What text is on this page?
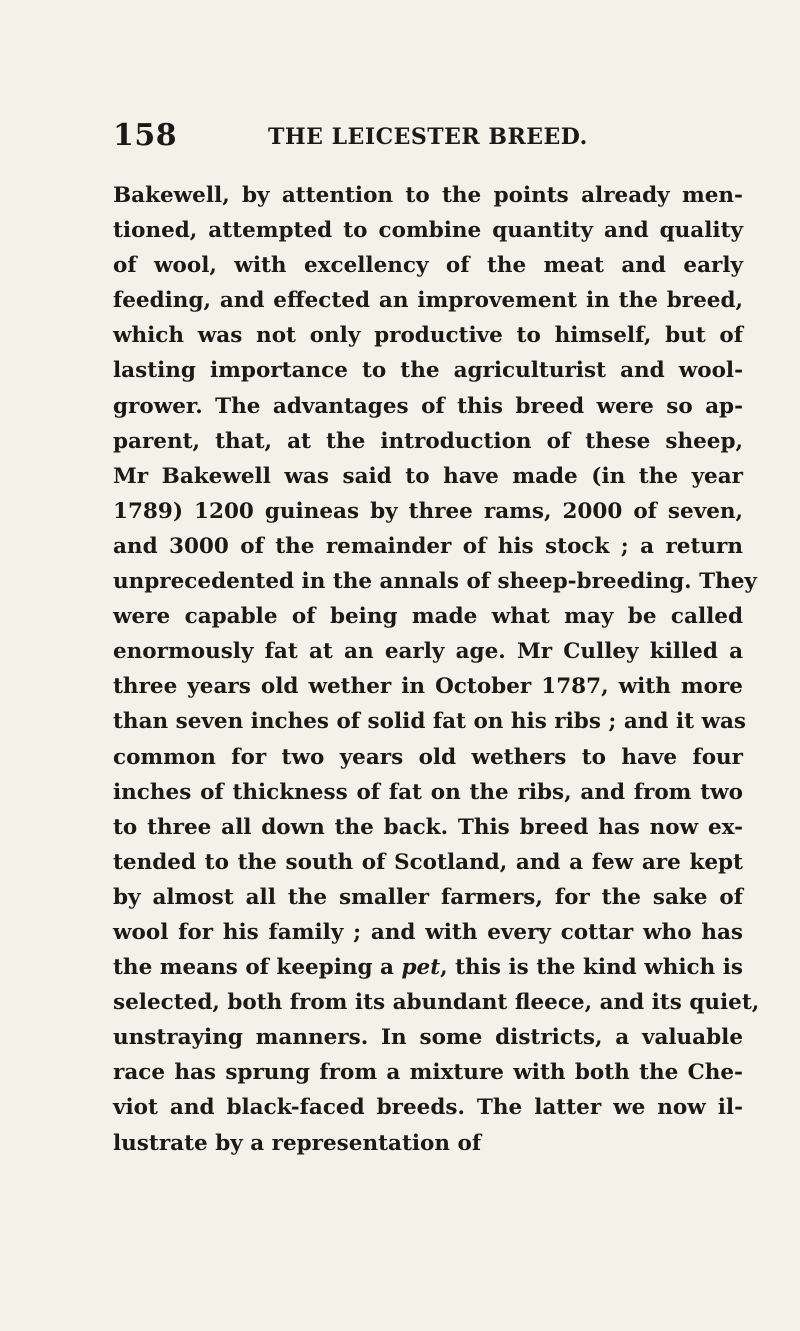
158	THE LEICESTER BREED.
Bakewell, by attention to the points already men-
tioned, attempted to combine quantity and quality
of wool, with excellency of the meat and early
feeding, and effected an improvement in the breed,
which was not only productive to himself, but of
lasting importance to the agriculturist and wool-
grower. The advantages of this breed were so ap-
parent, that, at the introduction of these sheep,
Mr Bakewell was said to have made (in the year
1789) 1200 guineas by three rams, 2000 of seven,
and 3000 of the remainder of his stock ; a return
unprecedented in the annals of sheep-breeding. They
were capable of being made what may be called
enormously fat at an early age. Mr Culley killed a
three years old wether in October 1787, with more
than seven inches of solid fat on his ribs ; and it was
common for two years old wethers to have four
inches of thickness of fat on the ribs, and from two
to three all down the back. This breed has now ex-
tended to the south of Scotland, and a few are kept
by almost all the smaller farmers, for the sake of
wool for his family ; and with every cottar who has
the means of keeping a pet, this is the kind which is
selected, both from its abundant fleece, and its quiet,
unstraying manners. In some districts, a valuable
race has sprung from a mixture with both the Che-
viot and black-faced breeds. The latter we now il-
lustrate by a representation of
